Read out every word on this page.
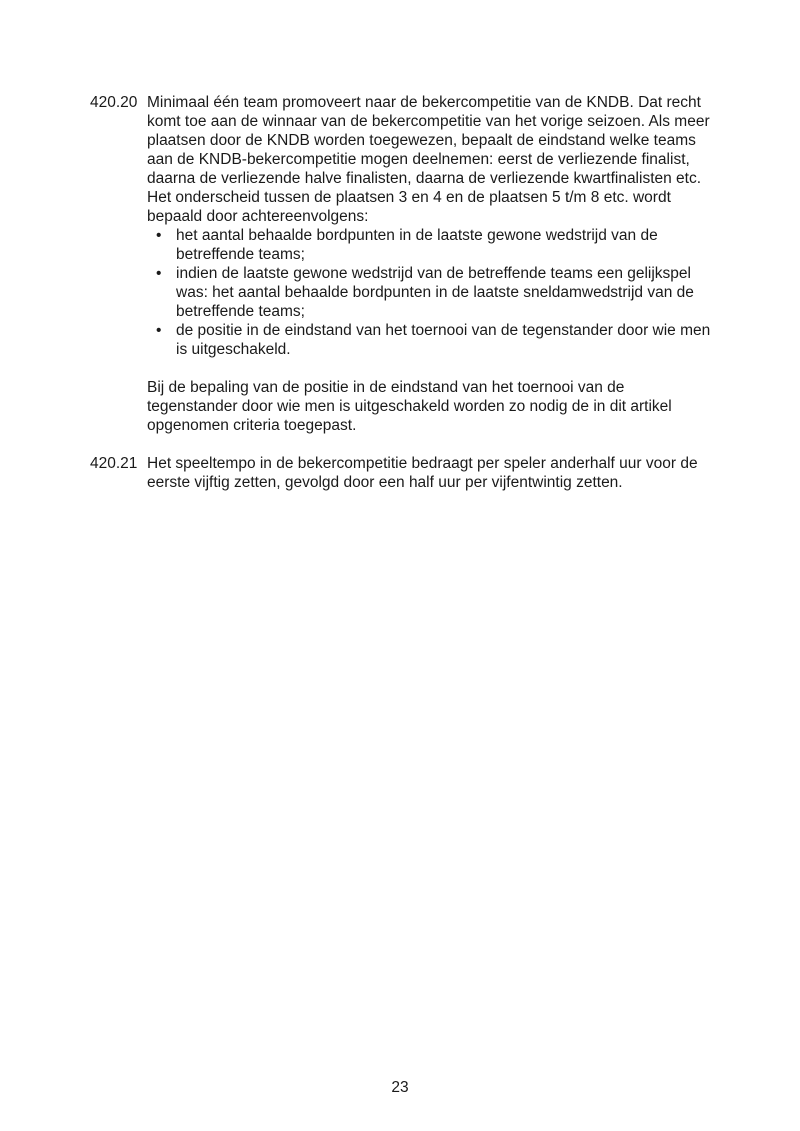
420.20 Minimaal één team promoveert naar de bekercompetitie van de KNDB. Dat recht komt toe aan de winnaar van de bekercompetitie van het vorige seizoen. Als meer plaatsen door de KNDB worden toegewezen, bepaalt de eindstand welke teams aan de KNDB-bekercompetitie mogen deelnemen: eerst de verliezende finalist, daarna de verliezende halve finalisten, daarna de verliezende kwartfinalisten etc.

Het onderscheid tussen de plaatsen 3 en 4 en de plaatsen 5 t/m 8 etc. wordt bepaald door achtereenvolgens:

• het aantal behaalde bordpunten in de laatste gewone wedstrijd van de betreffende teams;
• indien de laatste gewone wedstrijd van de betreffende teams een gelijkspel was: het aantal behaalde bordpunten in de laatste sneldamwedstrijd van de betreffende teams;
• de positie in de eindstand van het toernooi van de tegenstander door wie men is uitgeschakeld.

Bij de bepaling van de positie in de eindstand van het toernooi van de tegenstander door wie men is uitgeschakeld worden zo nodig de in dit artikel opgenomen criteria toegepast.

420.21 Het speeltempo in de bekercompetitie bedraagt per speler anderhalf uur voor de eerste vijftig zetten, gevolgd door een half uur per vijfentwintig zetten.

23
